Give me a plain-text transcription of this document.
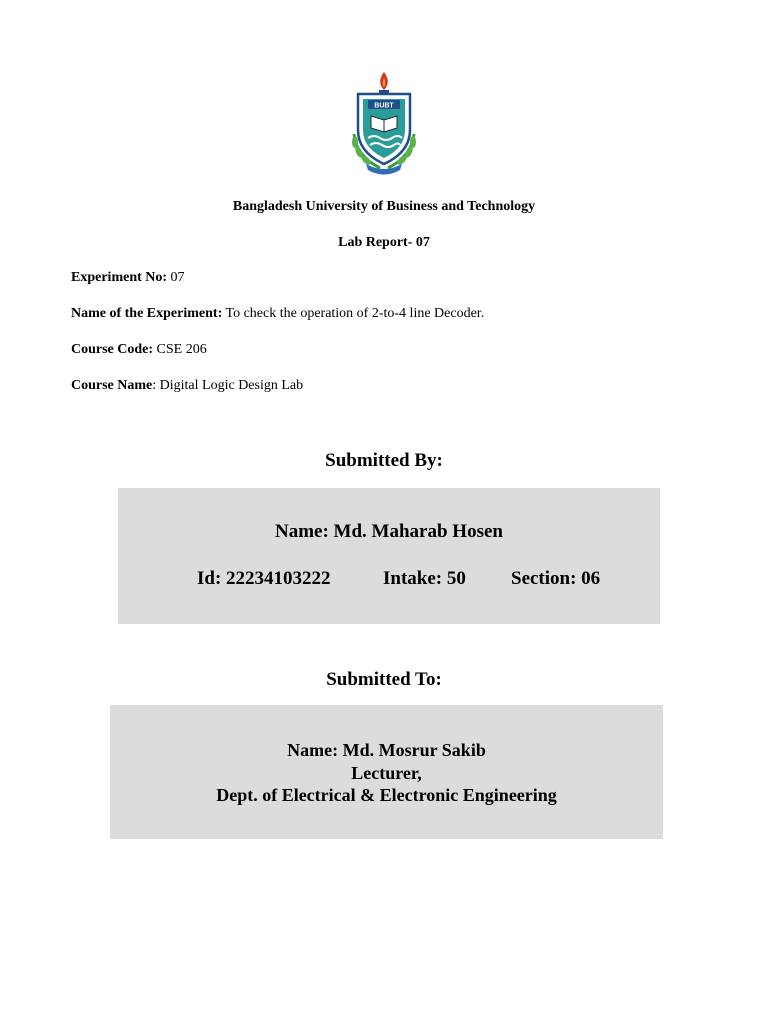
BUBT
Bangladesh University of Business and Technology
Lab Report- 07
Experiment No: 07
Name of the Experiment: To check the operation of 2-to-4 line Decoder.
Course Code: CSE 206
Course Name: Digital Logic Design Lab
Submitted By:
Name: Md. Maharab Hosen
Id: 22234103222	Intake: 50 Section: 06
Submitted To:
Name: Md. Mosrur Sakib
Lecturer,
Dept. of Electrical & Electronic Engineering
